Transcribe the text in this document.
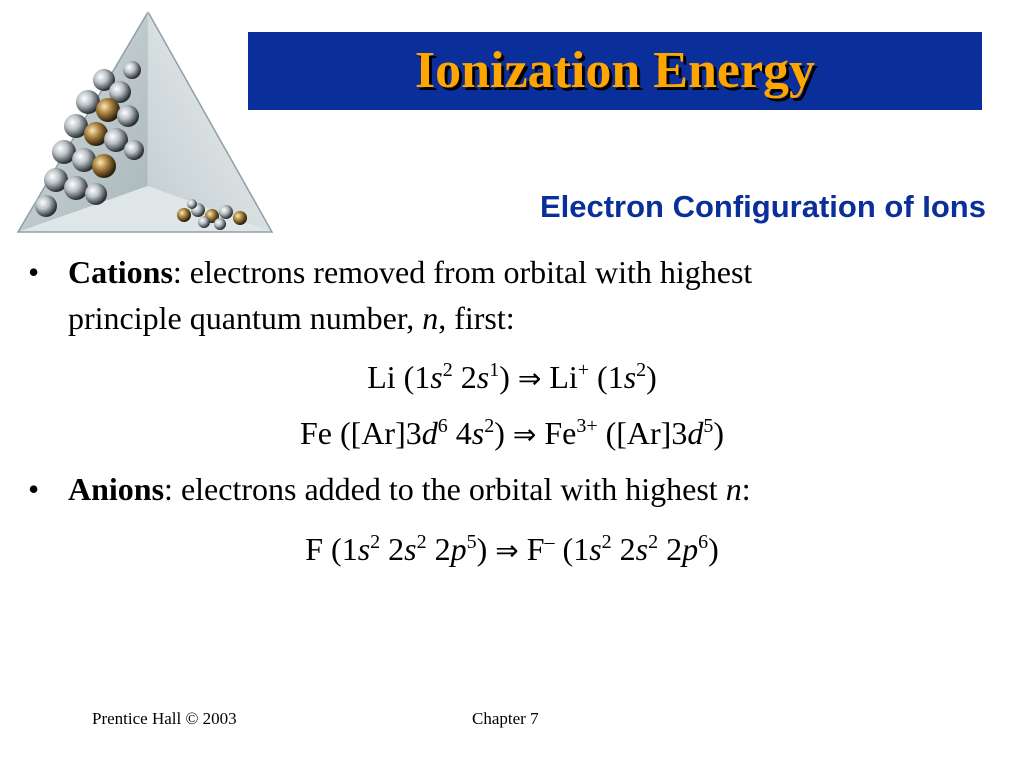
Ionization Energy
Electron Configuration of Ions
• Cations: electrons removed from orbital with highest
principle quantum number, n, first:
Li ($1s^2$ $2s^1$) ⇒ Li+ $(1s^2)$
Fe ($[Ar]3d^6$ $4s^2$) ⇒ $Fe^{3+}$ $([Ar]3d^5)$
• Anions: electrons added to the orbital with highest n:
F ($1s^2$ $2s^2$ $2p^5$) ⇒ F– ($1s^2$ $2s^2$ $2p^6$)
Prentice Hall © 2003	Chapter 7
